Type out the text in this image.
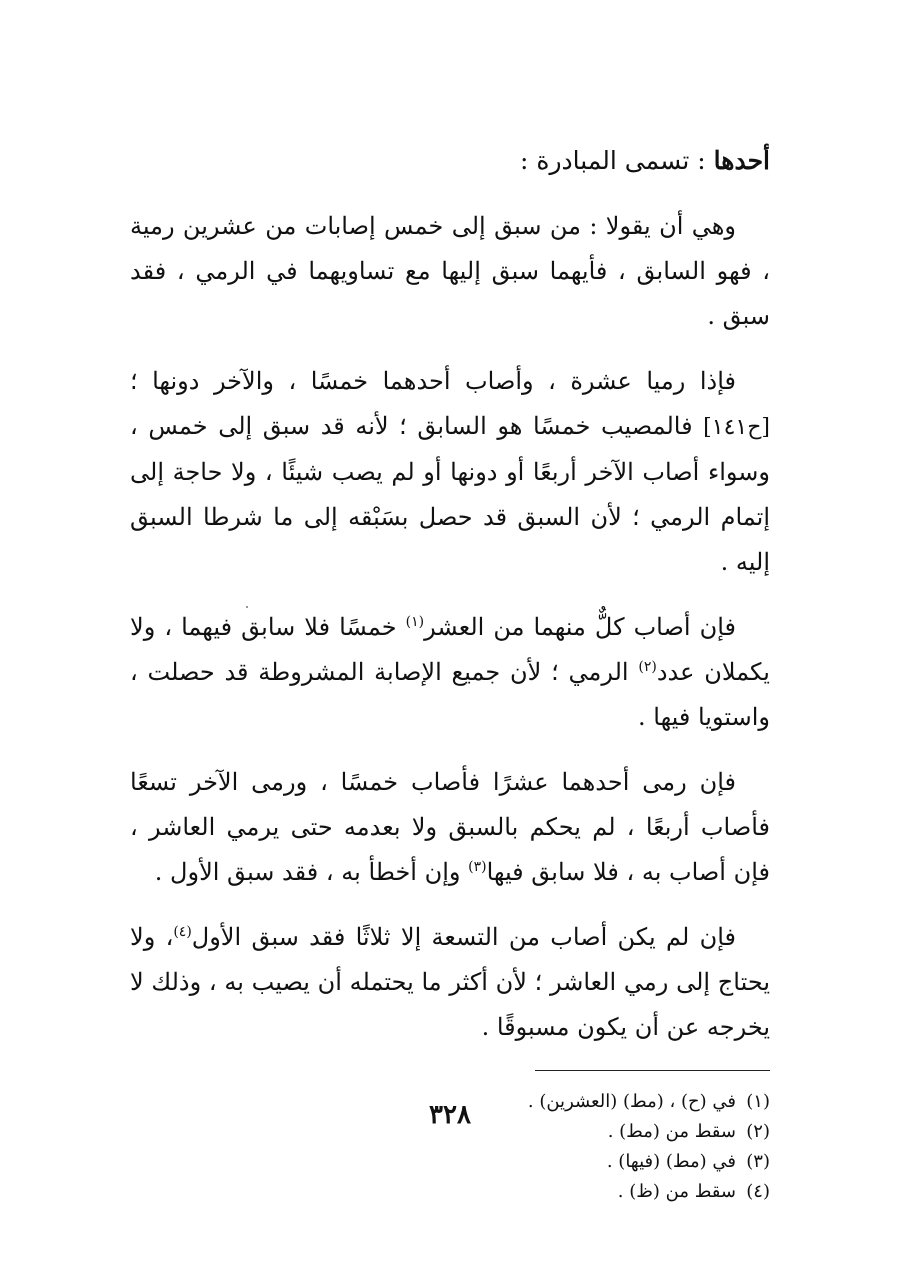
أحدها : تسمى المبادرة :

وهي أن يقولا : من سبق إلى خمس إصابات من عشرين رمية ، فهو السابق ، فأيهما سبق إليها مع تساويهما في الرمي ، فقد سبق .

فإذا رميا عشرة ، وأصاب أحدهما خمسًا ، والآخر دونها ؛ [ح١٤١] فالمصيب خمسًا هو السابق ؛ لأنه قد سبق إلى خمس ، وسواء أصاب الآخر أربعًا أو دونها أو لم يصب شيئًا ، ولا حاجة إلى إتمام الرمي ؛ لأن السبق قد حصل بسَبْقه إلى ما شرطا السبق إليه .

فإن أصاب كلٌّ منهما من العشر$^{(١)}$ خمسًا فلا سابق فيهما ، ولا يكملان عدد$^{(٢)}$ الرمي ؛ لأن جميع الإصابة المشروطة قد حصلت ، واستويا فيها .

فإن رمى أحدهما عشرًا فأصاب خمسًا ، ورمى الآخر تسعًا فأصاب أربعًا ، لم يحكم بالسبق ولا بعدمه حتى يرمي العاشر ، فإن أصاب به ، فلا سابق فيها$^{(٣)}$ وإن أخطأ به ، فقد سبق الأول .

فإن لم يكن أصاب من التسعة إلا ثلاثًا فقد سبق الأول$^{(٤)}$، ولا يحتاج إلى رمي العاشر ؛ لأن أكثر ما يحتمله أن يصيب به ، وذلك لا يخرجه عن أن يكون مسبوقًا .

(١)في (ح) ، (مط) (العشرين) .
(٢)سقط من (مط) .
(٣)في (مط) (فيها) .
(٤)سقط من (ظ) .
٣٢٨
